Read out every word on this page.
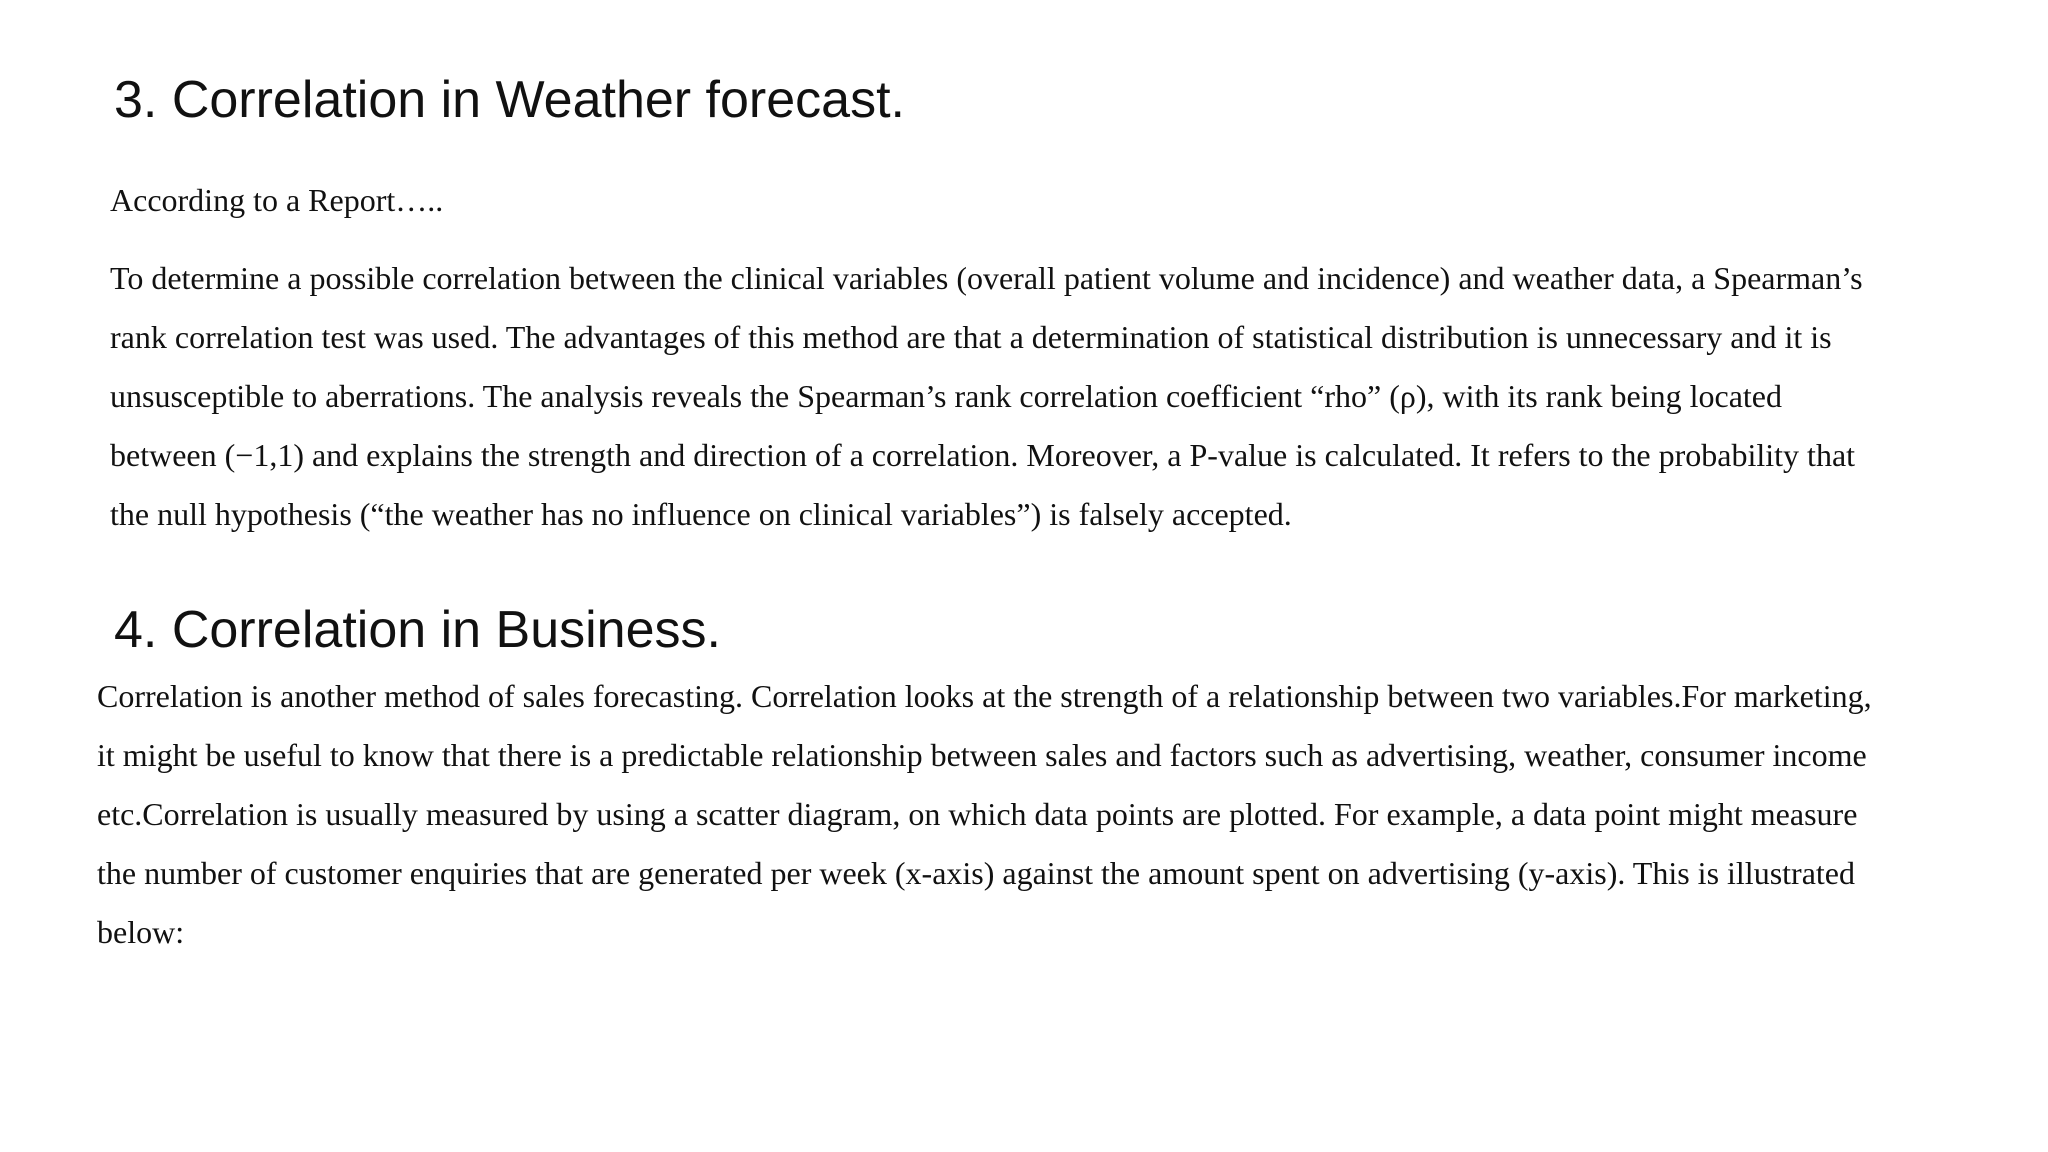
3. Correlation in Weather forecast.

According to a Report…..

To determine a possible correlation between the clinical variables (overall patient volume and incidence) and weather data, a Spearman’s
rank correlation test was used. The advantages of this method are that a determination of statistical distribution is unnecessary and it is
unsusceptible to aberrations. The analysis reveals the Spearman’s rank correlation coefficient “rho” (ρ), with its rank being located
between (−1,1) and explains the strength and direction of a correlation. Moreover, a P-value is calculated. It refers to the probability that
the null hypothesis (“the weather has no influence on clinical variables”) is falsely accepted.
4. Correlation in Business.
Correlation is another method of sales forecasting. Correlation looks at the strength of a relationship between two variables.For marketing,
it might be useful to know that there is a predictable relationship between sales and factors such as advertising, weather, consumer income
etc.Correlation is usually measured by using a scatter diagram, on which data points are plotted. For example, a data point might measure
the number of customer enquiries that are generated per week (x-axis) against the amount spent on advertising (y-axis). This is illustrated
below:
